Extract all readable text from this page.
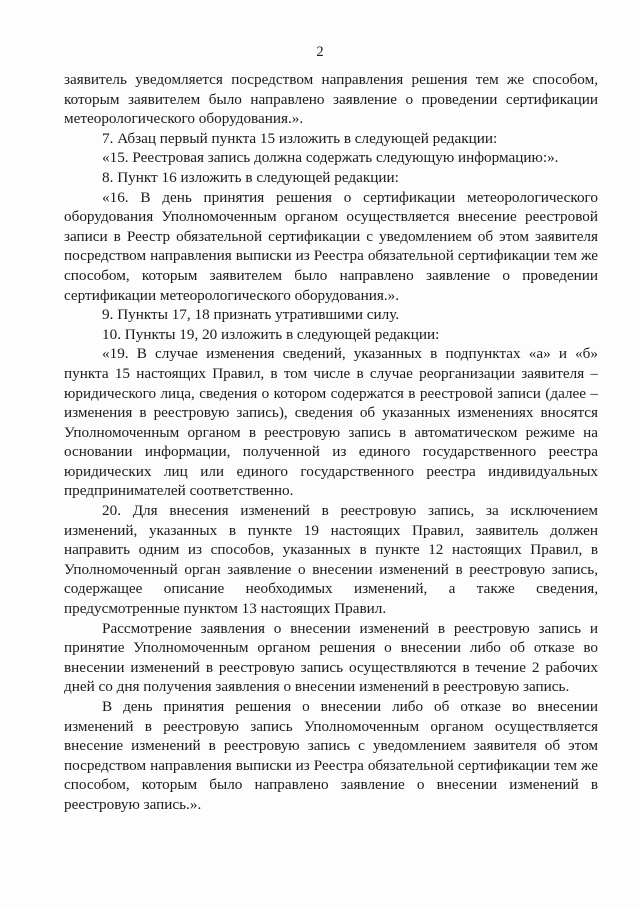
2

заявитель уведомляется посредством направления решения тем же способом, которым заявителем было направлено заявление о проведении сертификации метеорологического оборудования.».

7. Абзац первый пункта 15 изложить в следующей редакции:

«15. Реестровая запись должна содержать следующую информацию:».

8. Пункт 16 изложить в следующей редакции:

«16. В день принятия решения о сертификации метеорологического оборудования Уполномоченным органом осуществляется внесение реестровой записи в Реестр обязательной сертификации с уведомлением об этом заявителя посредством направления выписки из Реестра обязательной сертификации тем же способом, которым заявителем было направлено заявление о проведении сертификации метеорологического оборудования.».

9. Пункты 17, 18 признать утратившими силу.

10. Пункты 19, 20 изложить в следующей редакции:

«19. В случае изменения сведений, указанных в подпунктах «а» и «б» пункта 15 настоящих Правил, в том числе в случае реорганизации заявителя – юридического лица, сведения о котором содержатся в реестровой записи (далее – изменения в реестровую запись), сведения об указанных изменениях вносятся Уполномоченным органом в реестровую запись в автоматическом режиме на основании информации, полученной из единого государственного реестра юридических лиц или единого государственного реестра индивидуальных предпринимателей соответственно.

20. Для внесения изменений в реестровую запись, за исключением изменений, указанных в пункте 19 настоящих Правил, заявитель должен направить одним из способов, указанных в пункте 12 настоящих Правил, в Уполномоченный орган заявление о внесении изменений в реестровую запись, содержащее описание необходимых изменений, а также сведения, предусмотренные пунктом 13 настоящих Правил.

Рассмотрение заявления о внесении изменений в реестровую запись и принятие Уполномоченным органом решения о внесении либо об отказе во внесении изменений в реестровую запись осуществляются в течение 2 рабочих дней со дня получения заявления о внесении изменений в реестровую запись.

В день принятия решения о внесении либо об отказе во внесении изменений в реестровую запись Уполномоченным органом осуществляется внесение изменений в реестровую запись с уведомлением заявителя об этом посредством направления выписки из Реестра обязательной сертификации тем же способом, которым было направлено заявление о внесении изменений в реестровую запись.».
